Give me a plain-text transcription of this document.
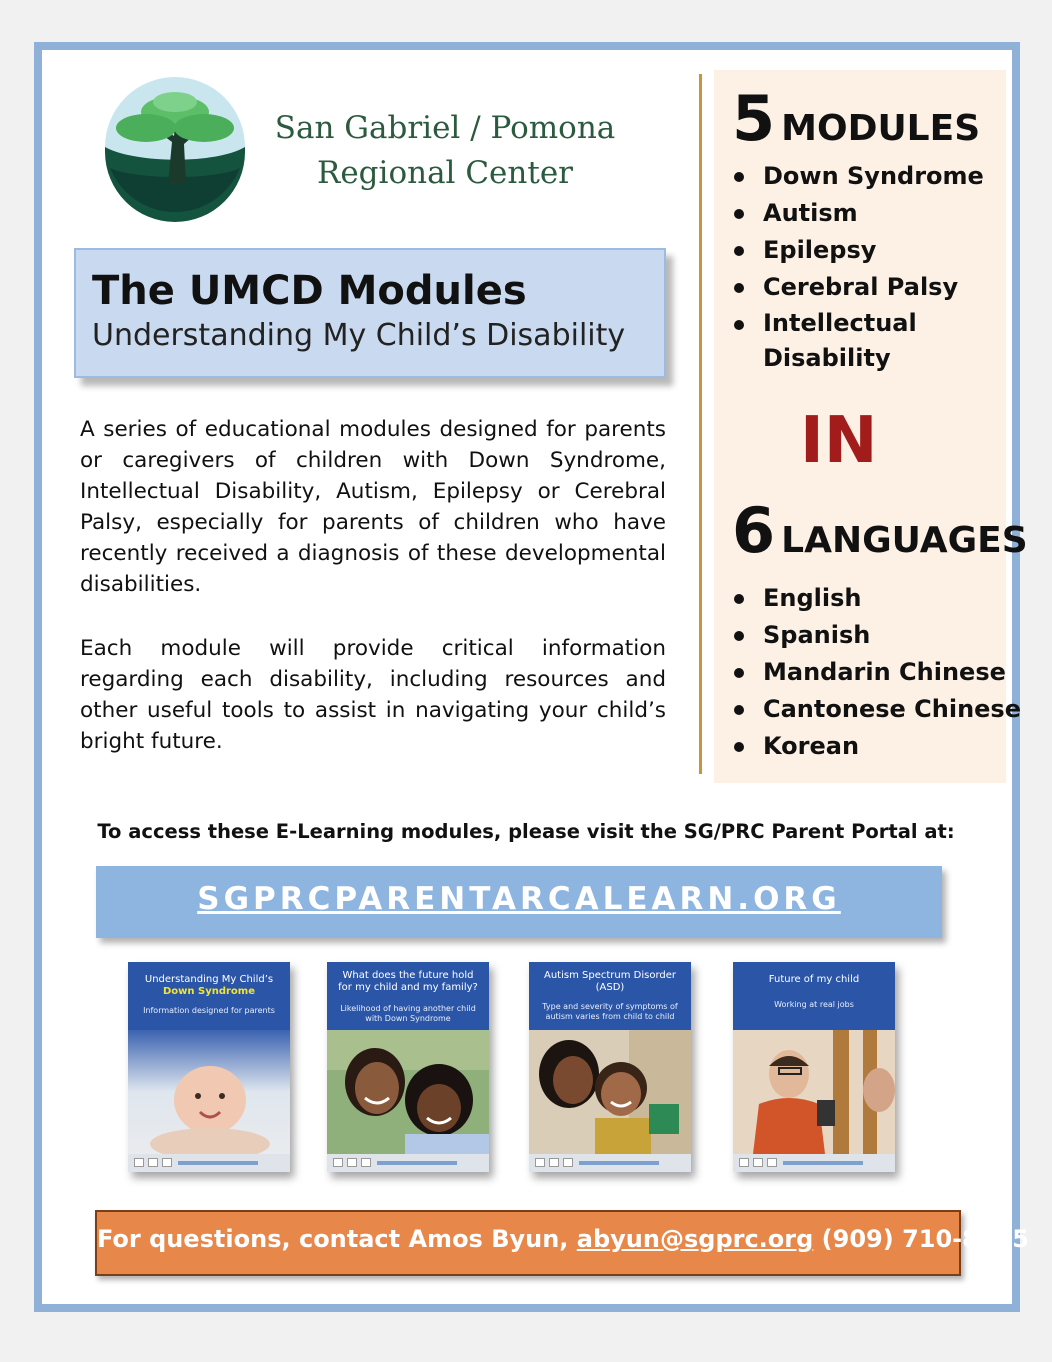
San Gabriel / Pomona
Regional Center
The UMCD Modules
Understanding My Child’s Disability
A series of educational modules designed for parents or caregivers of children with Down Syndrome, Intellectual Disability, Autism, Epilepsy or Cerebral Palsy, especially for parents of children who have recently received a diagnosis of these developmental disabilities.
Each module will provide critical information regarding each disability, including resources and other useful tools to assist in navigating your child’s bright future.
5 MODULES
Down Syndrome
Autism
Epilepsy
Cerebral Palsy
Intellectual Disability
IN
6 LANGUAGES
English
Spanish
Mandarin Chinese
Cantonese Chinese
Korean
To access these E-Learning modules, please visit the SG/PRC Parent Portal at:
SGPRCPARENTARCALEARN.ORG
Understanding My Child’s
Down Syndrome
Information designed for parents
What does the future hold for my child and my family?
Likelihood of having another child with Down Syndrome
Autism Spectrum Disorder (ASD)
Type and severity of symptoms of autism varies from child to child
Future of my child
Working at real jobs
For questions, contact Amos Byun, abyun@sgprc.org (909) 710-8815
